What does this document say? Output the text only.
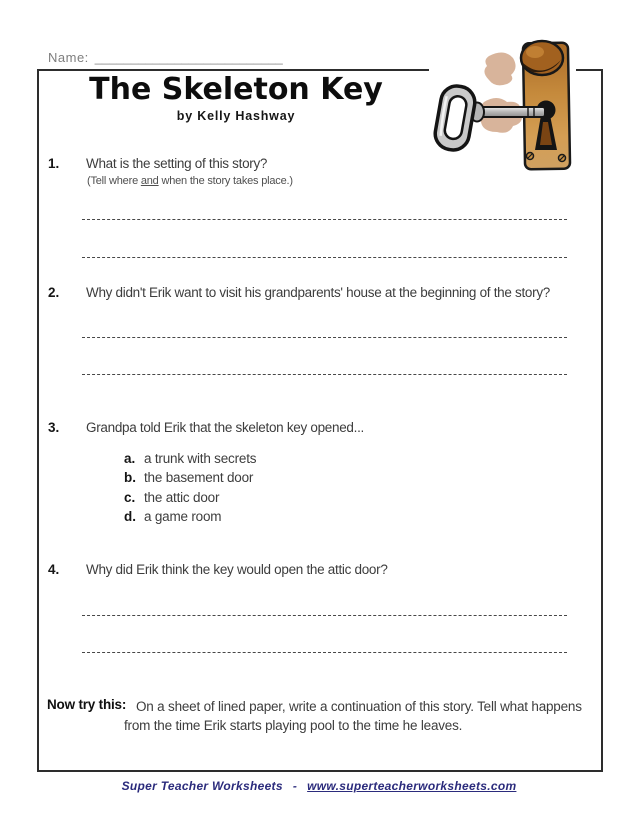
Name: __________________________
The Skeleton Key
by Kelly Hashway
1. What is the setting of this story?
(Tell where and when the story takes place.)
2. Why didn't Erik want to visit his grandparents' house at the beginning of the story?
3. Grandpa told Erik that the skeleton key opened...
a. a trunk with secrets
b. the basement door
c. the attic door
d. a game room
4. Why did Erik think the key would open the attic door?
Now try this: On a sheet of lined paper, write a continuation of this story. Tell what happens from the time Erik starts playing pool to the time he leaves.
Super Teacher Worksheets - www.superteacherworksheets.com
